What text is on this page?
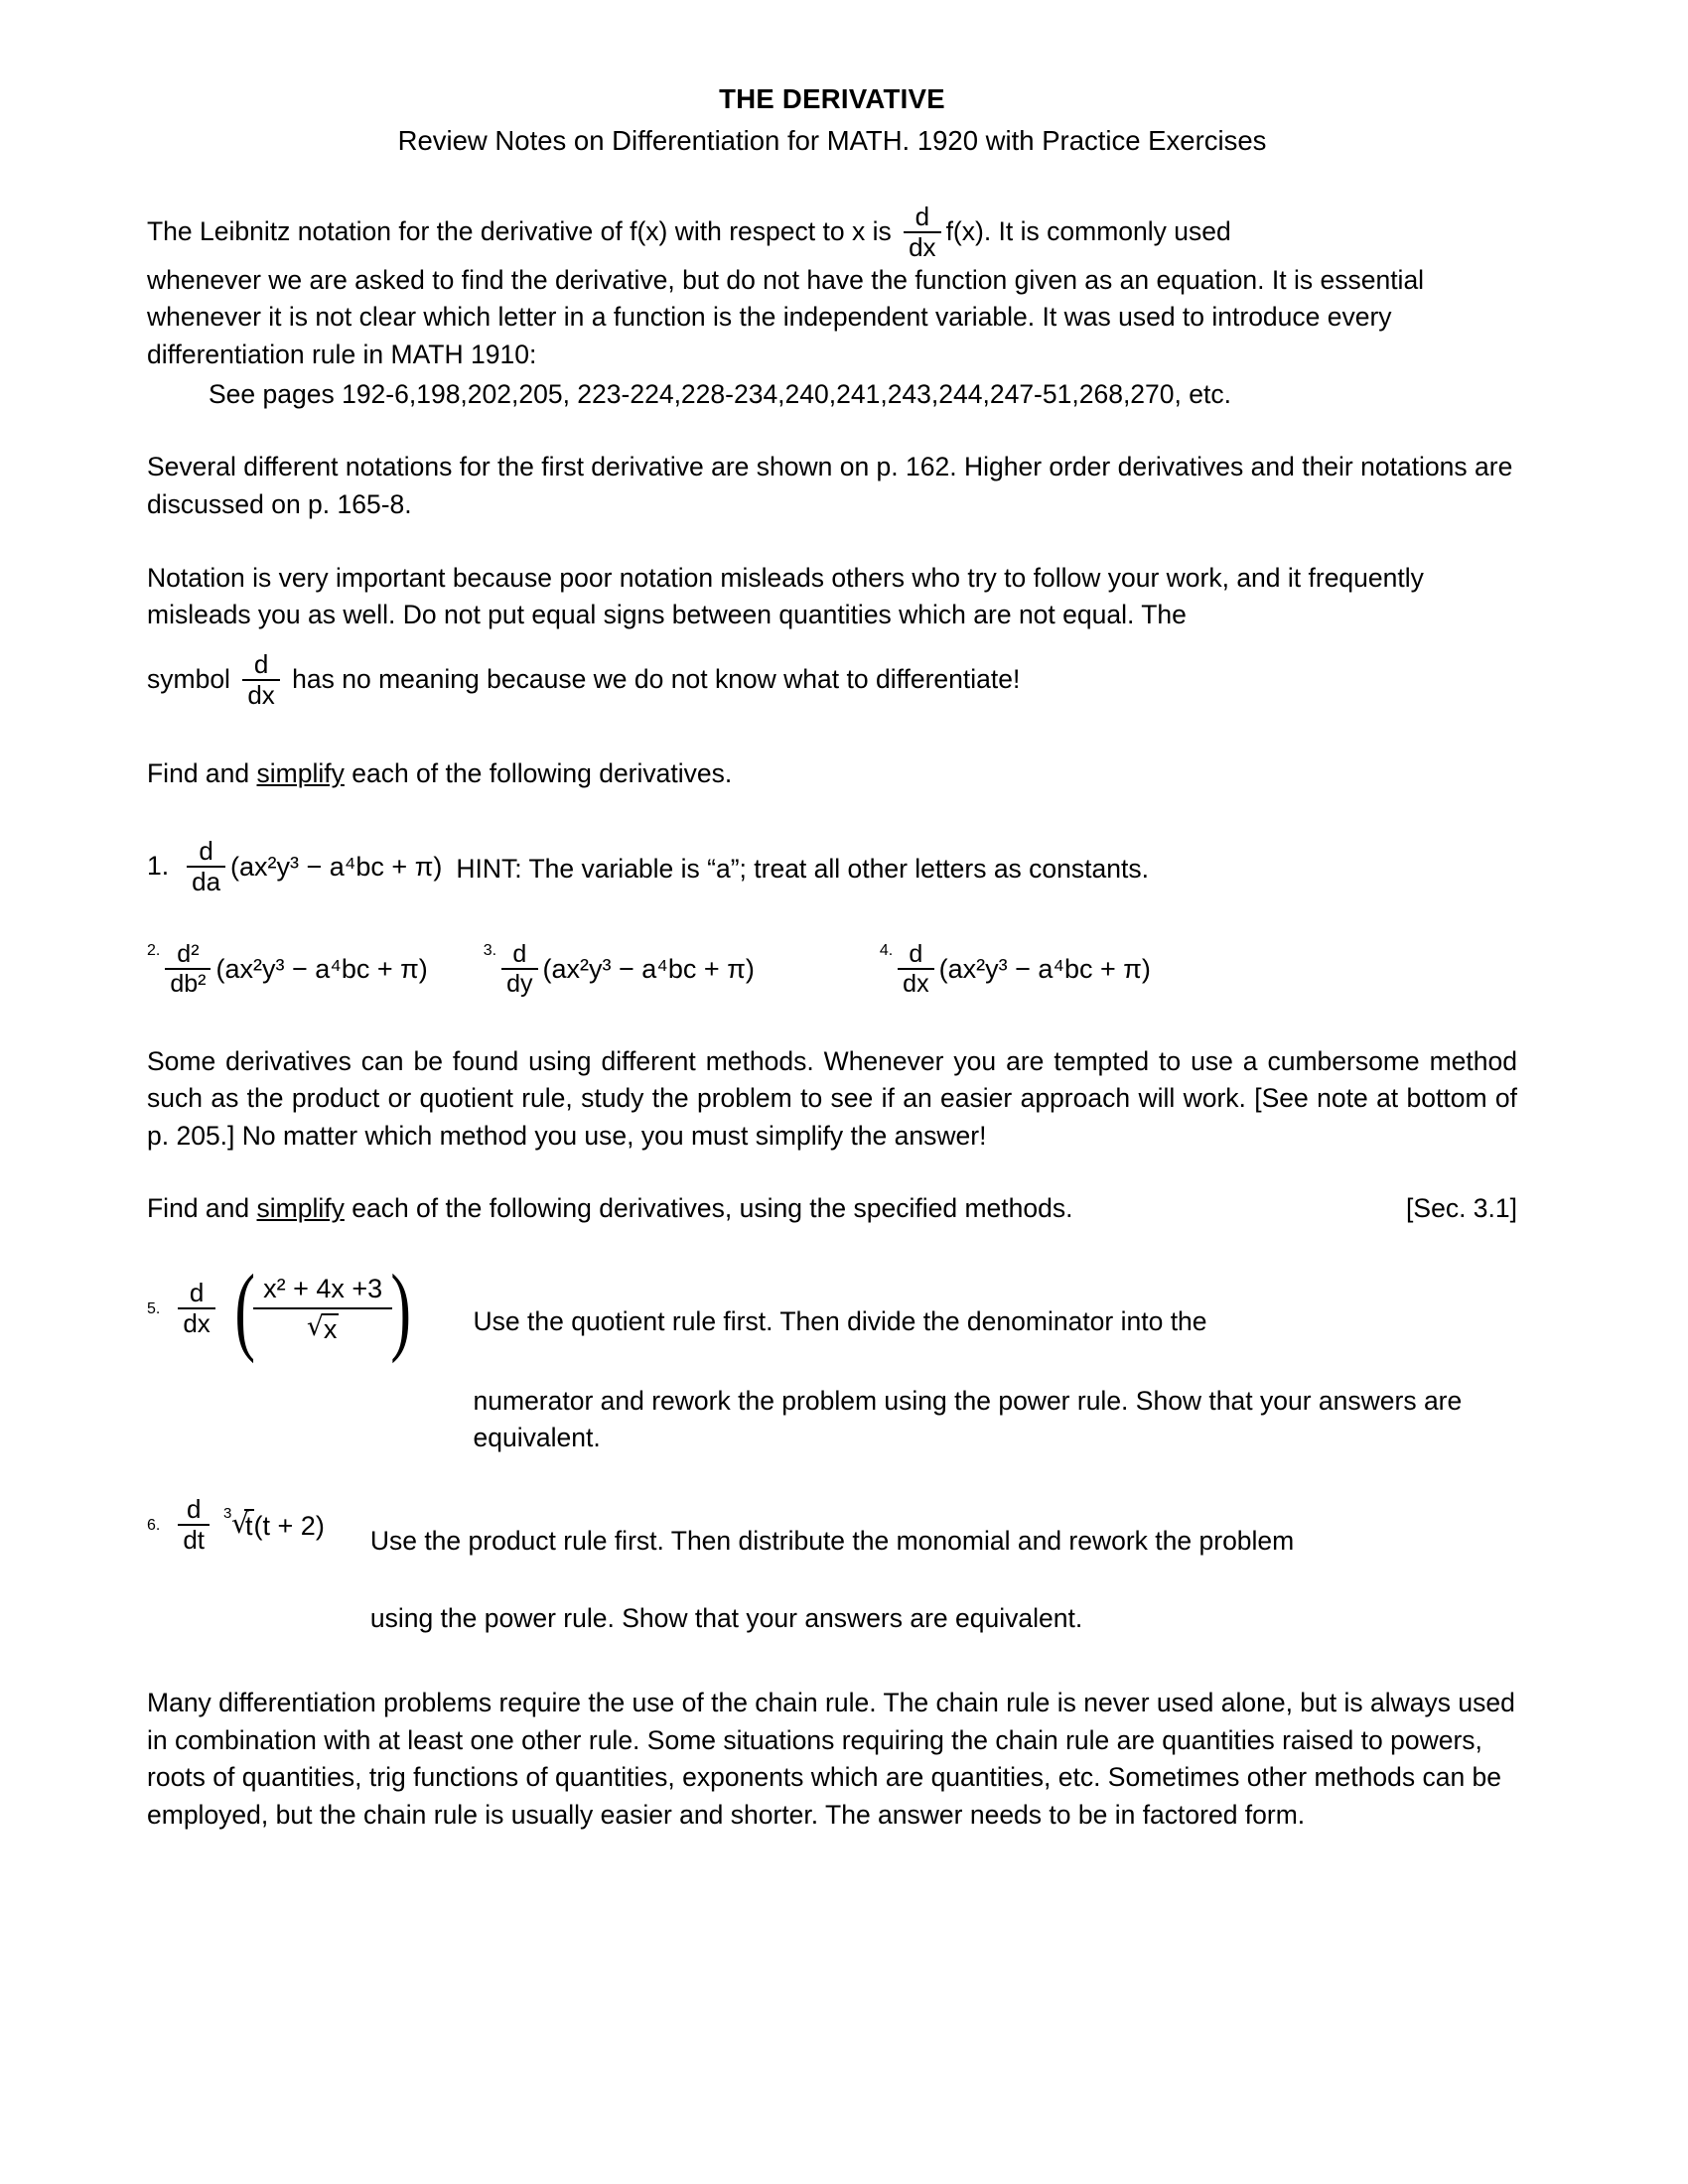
THE DERIVATIVE
Review Notes on Differentiation for MATH. 1920 with Practice Exercises
The Leibnitz notation for the derivative of f(x) with respect to x is $\frac{d}{dx} f(x)$. It is commonly used
whenever we are asked to find the derivative, but do not have the function given as an equation. It is essential whenever it is not clear which letter in a function is the independent variable. It was used to introduce every differentiation rule in MATH 1910:
See pages 192-6,198,202,205, 223-224,228-234,240,241,243,244,247-51,268,270, etc.
Several different notations for the first derivative are shown on p. 162. Higher order derivatives and their notations are discussed on p. 165-8.
Notation is very important because poor notation misleads others who try to follow your work, and it frequently misleads you as well. Do not put equal signs between quantities which are not equal. The
symbol $\frac{d}{dx}$ has no meaning because we do not know what to differentiate!
Find and simplify each of the following derivatives.
1. $\frac{d}{da} (ax^2y^3 - a^4bc + \pi)$ HINT: The variable is “a”; treat all other letters as constants.
2. $\frac{\text{d²}}{\text{db²}} (ax^2y^3 - a^4bc + \pi)$
3. $\frac{d}{dy} (ax^2y^3 - a^4bc + \pi)$
4. $\frac{d}{dx} (ax^2y^3 - a^4bc + \pi)$
Some derivatives can be found using different methods. Whenever you are tempted to use a cumbersome method such as the product or quotient rule, study the problem to see if an easier approach will work. [See note at bottom of p. 205.] No matter which method you use, you must simplify the answer!
[Sec. 3.1]
Find and simplify each of the following derivatives, using the specified methods.
5. $\frac{d}{dx}$ (
x² + 4x +3
√ x
) Use the quotient rule first. Then divide the denominator into the
numerator and rework the problem using the power rule. Show that your answers are equivalent.
6. $\frac{d}{dt}$ √ 3 t(t + 2) Use the product rule first. Then distribute the monomial and rework the problem
using the power rule. Show that your answers are equivalent.
Many differentiation problems require the use of the chain rule. The chain rule is never used alone, but is always used in combination with at least one other rule. Some situations requiring the chain rule are quantities raised to powers, roots of quantities, trig functions of quantities, exponents which are quantities, etc. Sometimes other methods can be employed, but the chain rule is usually easier and shorter. The answer needs to be in factored form.
